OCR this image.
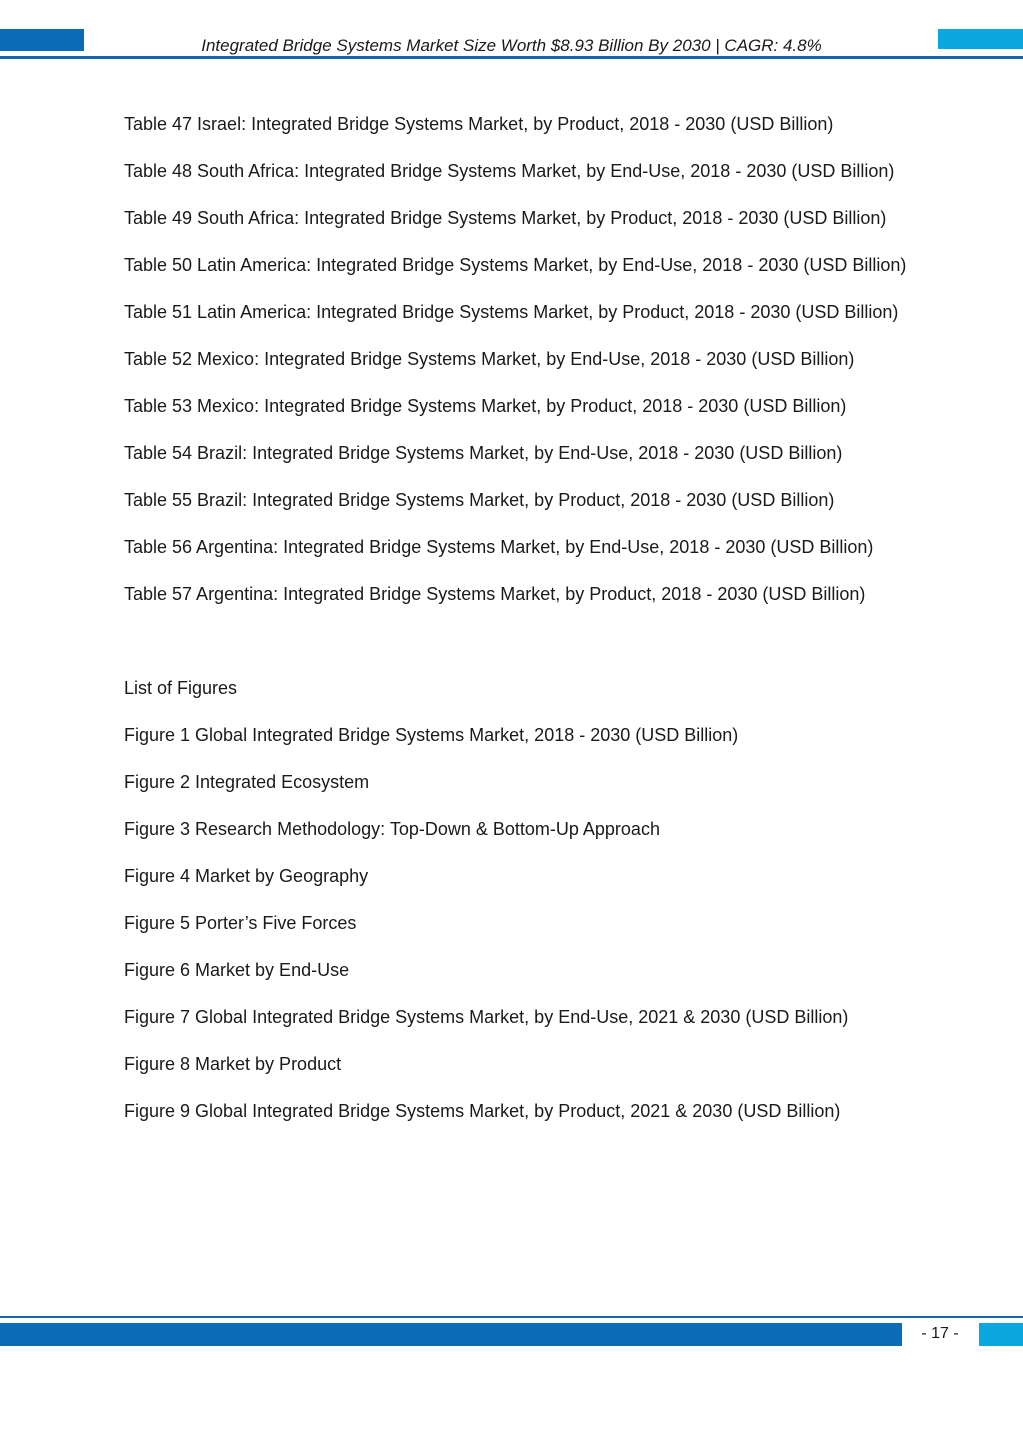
Integrated Bridge Systems Market Size Worth $8.93 Billion By 2030 | CAGR: 4.8%

Table 47 Israel: Integrated Bridge Systems Market, by Product, 2018 - 2030 (USD Billion)

Table 48 South Africa: Integrated Bridge Systems Market, by End-Use, 2018 - 2030 (USD Billion)

Table 49 South Africa: Integrated Bridge Systems Market, by Product, 2018 - 2030 (USD Billion)

Table 50 Latin America: Integrated Bridge Systems Market, by End-Use, 2018 - 2030 (USD Billion)

Table 51 Latin America: Integrated Bridge Systems Market, by Product, 2018 - 2030 (USD Billion)

Table 52 Mexico: Integrated Bridge Systems Market, by End-Use, 2018 - 2030 (USD Billion)

Table 53 Mexico: Integrated Bridge Systems Market, by Product, 2018 - 2030 (USD Billion)

Table 54 Brazil: Integrated Bridge Systems Market, by End-Use, 2018 - 2030 (USD Billion)

Table 55 Brazil: Integrated Bridge Systems Market, by Product, 2018 - 2030 (USD Billion)

Table 56 Argentina: Integrated Bridge Systems Market, by End-Use, 2018 - 2030 (USD Billion)

Table 57 Argentina: Integrated Bridge Systems Market, by Product, 2018 - 2030 (USD Billion)

List of Figures

Figure 1 Global Integrated Bridge Systems Market, 2018 - 2030 (USD Billion)

Figure 2 Integrated Ecosystem

Figure 3 Research Methodology: Top-Down & Bottom-Up Approach

Figure 4 Market by Geography

Figure 5 Porter’s Five Forces

Figure 6 Market by End-Use

Figure 7 Global Integrated Bridge Systems Market, by End-Use, 2021 & 2030 (USD Billion)

Figure 8 Market by Product

Figure 9 Global Integrated Bridge Systems Market, by Product, 2021 & 2030 (USD Billion)

- 17 -
